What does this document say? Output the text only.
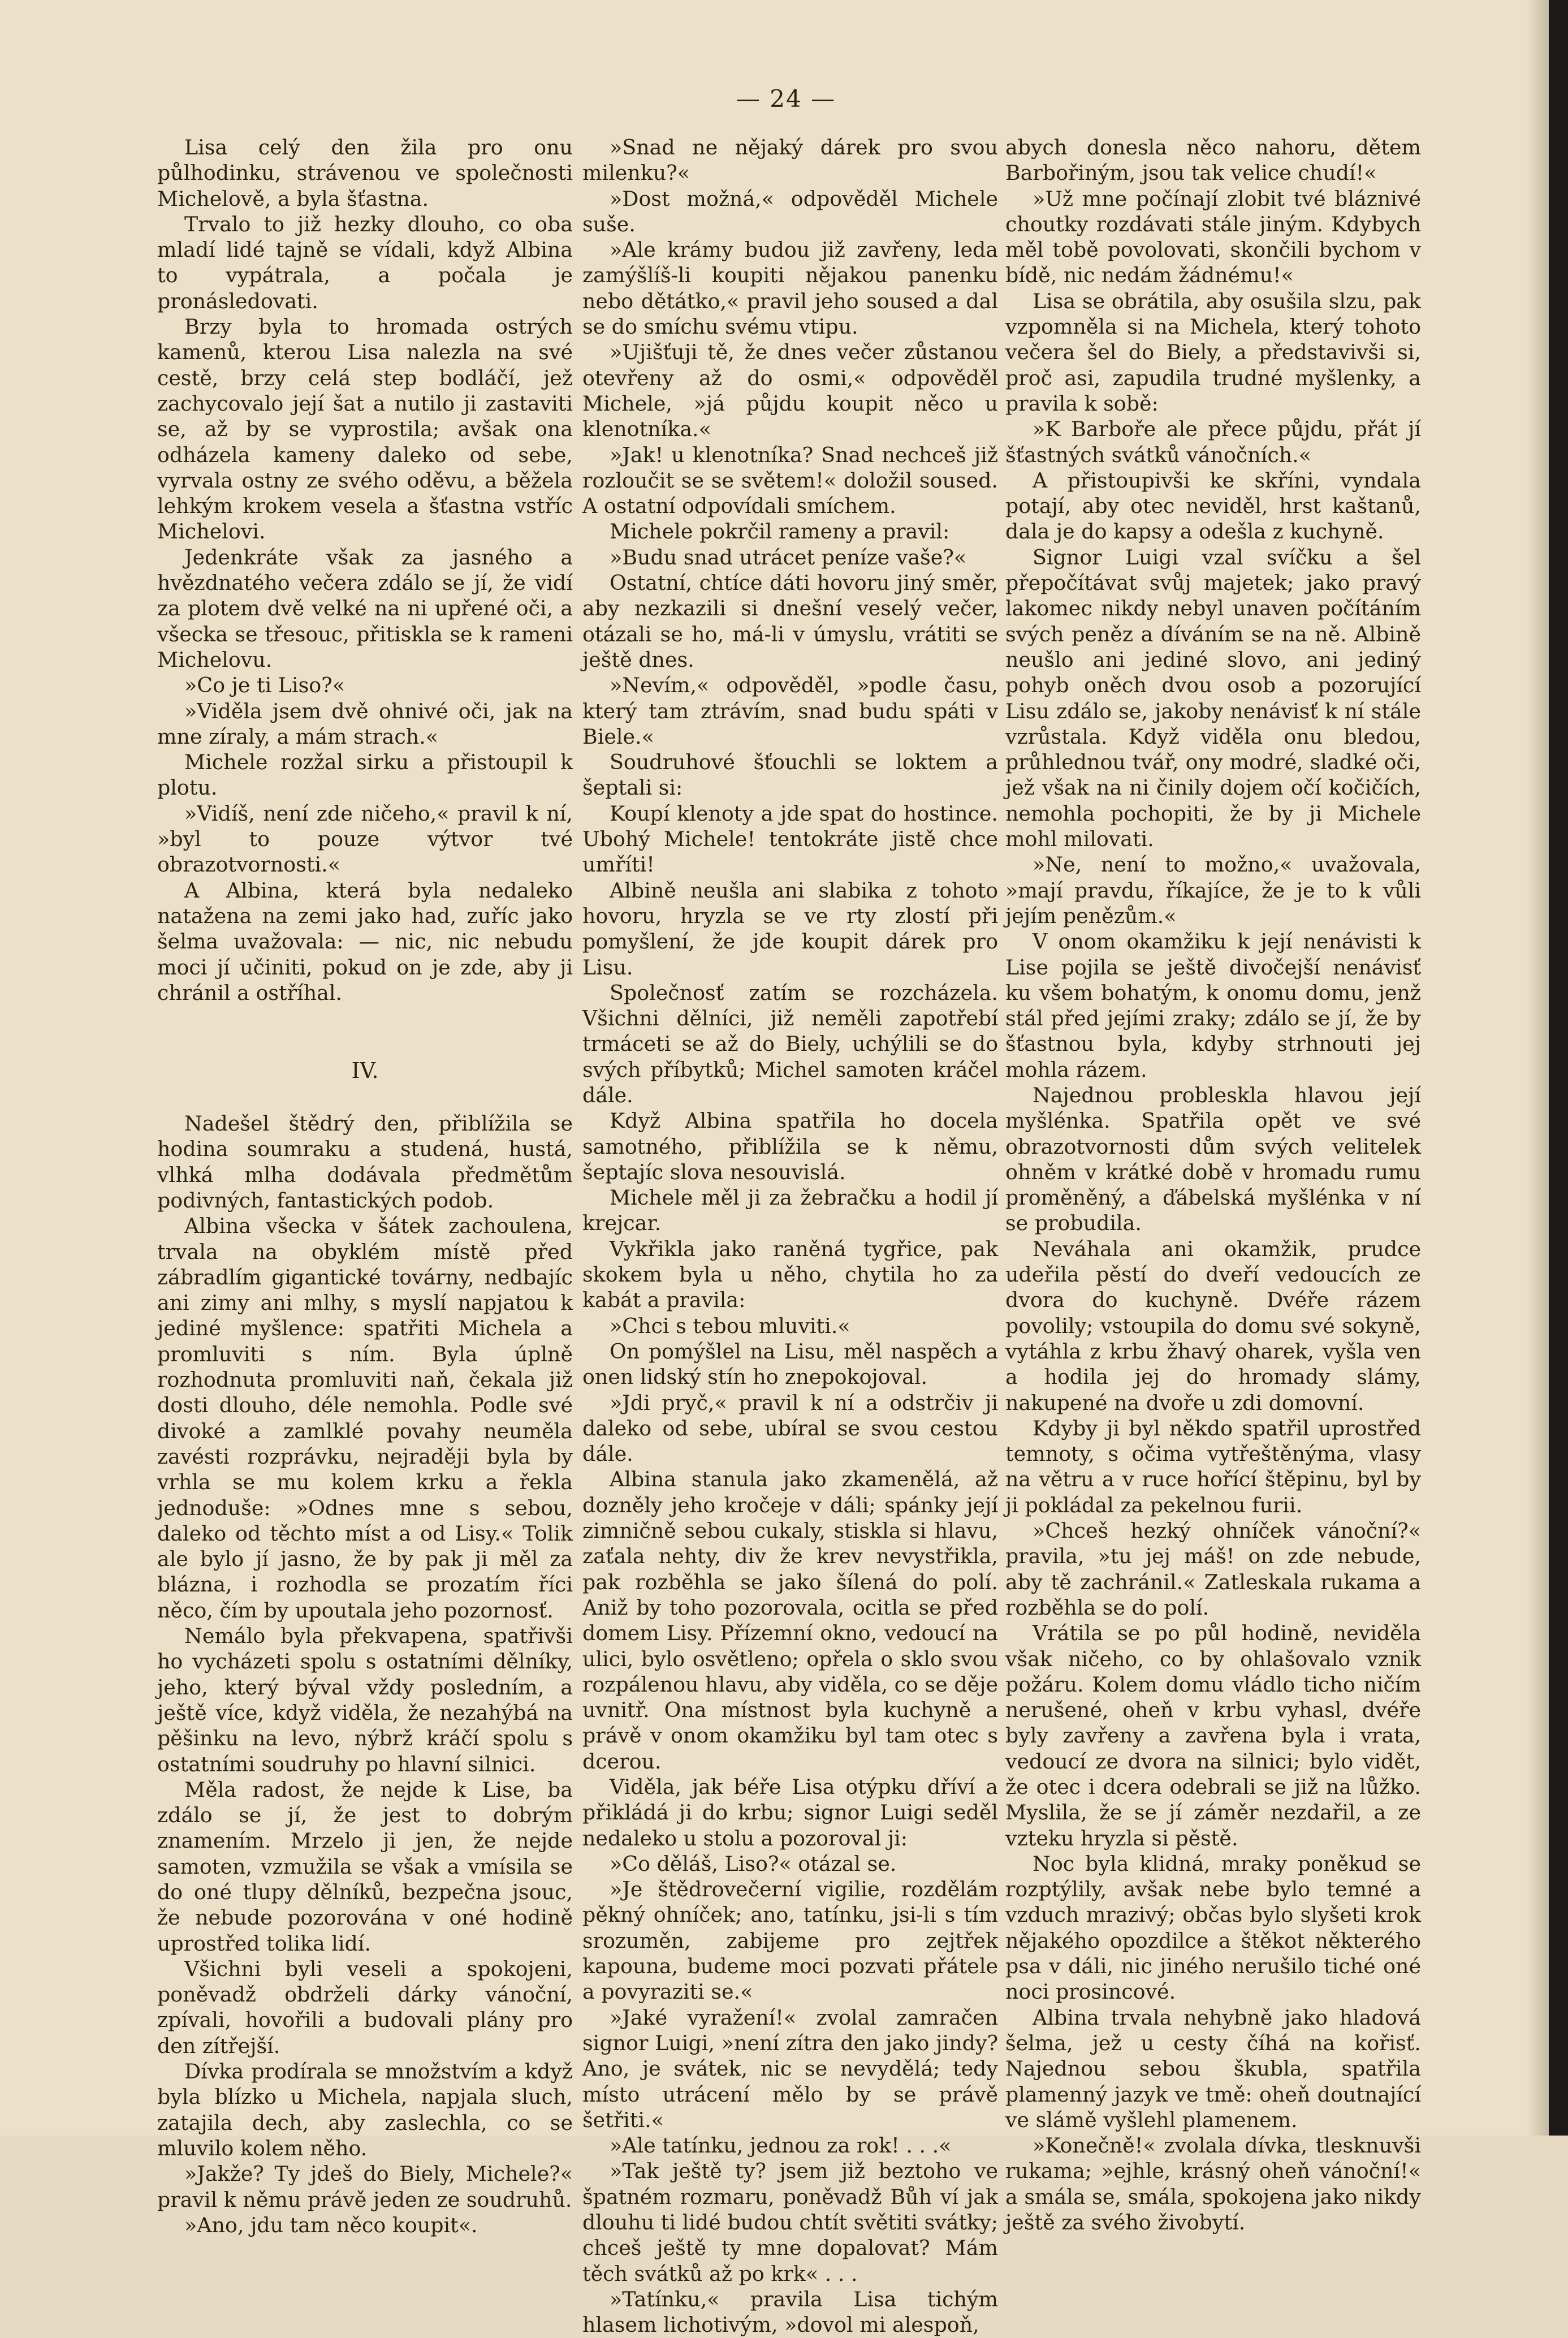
— 24 —

Lisa celý den žila pro onu půlhodinku, strávenou ve společnosti Michelově, a byla šťastna.

Trvalo to již hezky dlouho, co oba mladí lidé tajně se vídali, když Albina to vypátrala, a počala je pronásledovati.

Brzy byla to hromada ostrých kamenů, kterou Lisa nalezla na své cestě, brzy celá step bodláčí, jež zachycovalo její šat a nutilo ji zastaviti se, až by se vyprostila; avšak ona odházela kameny daleko od sebe, vyrvala ostny ze svého oděvu, a běžela lehkým krokem vesela a šťastna vstříc Michelovi.

Jedenkráte však za jasného a hvězdnatého večera zdálo se jí, že vidí za plotem dvě velké na ni upřené oči, a všecka se třesouc, přitiskla se k rameni Michelovu.

»Co je ti Liso?«

»Viděla jsem dvě ohnivé oči, jak na mne zíraly, a mám strach.«

Michele rozžal sirku a přistoupil k plotu.

»Vidíš, není zde ničeho,« pravil k ní, »byl to pouze výtvor tvé obrazotvornosti.«

A Albina, která byla nedaleko natažena na zemi jako had, zuříc jako šelma uvažovala: — nic, nic nebudu moci jí učiniti, pokud on je zde, aby ji chránil a ostříhal.

IV.

Nadešel štědrý den, přiblížila se hodina soumraku a studená, hustá, vlhká mlha dodávala předmětům podivných, fantastických podob.

Albina všecka v šátek zachoulena, trvala na obyklém místě před zábradlím gigantické továrny, nedbajíc ani zimy ani mlhy, s myslí napjatou k jediné myšlence: spatřiti Michela a promluviti s ním. Byla úplně rozhodnuta promluviti naň, čekala již dosti dlouho, déle nemohla. Podle své divoké a zamlklé povahy neuměla zavésti rozprávku, nejraději byla by vrhla se mu kolem krku a řekla jednoduše: »Odnes mne s sebou, daleko od těchto míst a od Lisy.« Tolik ale bylo jí jasno, že by pak ji měl za blázna, i rozhodla se prozatím říci něco, čím by upoutala jeho pozornosť.

Nemálo byla překvapena, spatřivši ho vycházeti spolu s ostatními dělníky, jeho, který býval vždy posledním, a ještě více, když viděla, že nezahýbá na pěšinku na levo, nýbrž kráčí spolu s ostatními soudruhy po hlavní silnici.

Měla radost, že nejde k Lise, ba zdálo se jí, že jest to dobrým znamením. Mrzelo ji jen, že nejde samoten, vzmužila se však a vmísila se do oné tlupy dělníků, bezpečna jsouc, že nebude pozorována v oné hodině uprostřed tolika lidí.

Všichni byli veseli a spokojeni, poněvadž obdrželi dárky vánoční, zpívali, hovořili a budovali plány pro den zítřejší.

Dívka prodírala se množstvím a když byla blízko u Michela, napjala sluch, zatajila dech, aby zaslechla, co se mluvilo kolem něho.

»Jakže? Ty jdeš do Biely, Michele?« pravil k němu právě jeden ze soudruhů.

»Ano, jdu tam něco koupit«.

»Snad ne nějaký dárek pro svou milenku?«

»Dost možná,« odpověděl Michele suše.

»Ale krámy budou již zavřeny, leda zamýšlíš-li koupiti nějakou panenku nebo dětátko,« pravil jeho soused a dal se do smíchu svému vtipu.

»Ujišťuji tě, že dnes večer zůstanou otevřeny až do osmi,« odpověděl Michele, »já půjdu koupit něco u klenotníka.«

»Jak! u klenotníka? Snad nechceš již rozloučit se se světem!« doložil soused. A ostatní odpovídali smíchem.

Michele pokrčil rameny a pravil:

»Budu snad utrácet peníze vaše?«

Ostatní, chtíce dáti hovoru jiný směr, aby nezkazili si dnešní veselý večer, otázali se ho, má-li v úmyslu, vrátiti se ještě dnes.

»Nevím,« odpověděl, »podle času, který tam ztrávím, snad budu spáti v Biele.«

Soudruhové šťouchli se loktem a šeptali si:

Koupí klenoty a jde spat do hostince. Ubohý Michele! tentokráte jistě chce umříti!

Albině neušla ani slabika z tohoto hovoru, hryzla se ve rty zlostí při pomyšlení, že jde koupit dárek pro Lisu.

Společnosť zatím se rozcházela. Všichni dělníci, již neměli zapotřebí trmáceti se až do Biely, uchýlili se do svých příbytků; Michel samoten kráčel dále.

Když Albina spatřila ho docela samotného, přiblížila se k němu, šeptajíc slova nesouvislá.

Michele měl ji za žebračku a hodil jí krejcar.

Vykřikla jako raněná tygřice, pak skokem byla u něho, chytila ho za kabát a pravila:

»Chci s tebou mluviti.«

On pomýšlel na Lisu, měl naspěch a onen lidský stín ho znepokojoval.

»Jdi pryč,« pravil k ní a odstrčiv ji daleko od sebe, ubíral se svou cestou dále.

Albina stanula jako zkamenělá, až dozněly jeho kročeje v dáli; spánky její zimničně sebou cukaly, stiskla si hlavu, zaťala nehty, div že krev nevystřikla, pak rozběhla se jako šílená do polí. Aniž by toho pozorovala, ocitla se před domem Lisy. Přízemní okno, vedoucí na ulici, bylo osvětleno; opřela o sklo svou rozpálenou hlavu, aby viděla, co se děje uvnitř. Ona místnost byla kuchyně a právě v onom okamžiku byl tam otec s dcerou.

Viděla, jak béře Lisa otýpku dříví a přikládá ji do krbu; signor Luigi seděl nedaleko u stolu a pozoroval ji:

»Co děláš, Liso?« otázal se.

»Je štědrovečerní vigilie, rozdělám pěkný ohníček; ano, tatínku, jsi-li s tím srozuměn, zabijeme pro zejtřek kapouna, budeme moci pozvati přátele a povyraziti se.«

»Jaké vyražení!« zvolal zamračen signor Luigi, »není zítra den jako jindy? Ano, je svátek, nic se nevydělá; tedy místo utrácení mělo by se právě šetřiti.«

»Ale tatínku, jednou za rok! . . .«

»Tak ještě ty? jsem již beztoho ve špatném rozmaru, poněvadž Bůh ví jak dlouhu ti lidé budou chtít světiti svátky; chceš ještě ty mne dopalovat? Mám těch svátků až po krk« . . .

»Tatínku,« pravila Lisa tichým hlasem lichotivým, »dovol mi alespoň,

abych donesla něco nahoru, dětem Barbořiným, jsou tak velice chudí!«

»Už mne počínají zlobit tvé bláznivé choutky rozdávati stále jiným. Kdybych měl tobě povolovati, skončili bychom v bídě, nic nedám žádnému!«

Lisa se obrátila, aby osušila slzu, pak vzpomněla si na Michela, který tohoto večera šel do Biely, a představivši si, proč asi, zapudila trudné myšlenky, a pravila k sobě:

»K Barboře ale přece půjdu, přát jí šťastných svátků vánočních.«

A přistoupivši ke skříni, vyndala potají, aby otec neviděl, hrst kaštanů, dala je do kapsy a odešla z kuchyně.

Signor Luigi vzal svíčku a šel přepočítávat svůj majetek; jako pravý lakomec nikdy nebyl unaven počítáním svých peněz a díváním se na ně. Albině neušlo ani jediné slovo, ani jediný pohyb oněch dvou osob a pozorující Lisu zdálo se, jakoby nenávisť k ní stále vzrůstala. Když viděla onu bledou, průhlednou tvář, ony modré, sladké oči, jež však na ni činily dojem očí kočičích, nemohla pochopiti, že by ji Michele mohl milovati.

»Ne, není to možno,« uvažovala, »mají pravdu, říkajíce, že je to k vůli jejím penězům.«

V onom okamžiku k její nenávisti k Lise pojila se ještě divočejší nenávisť ku všem bohatým, k onomu domu, jenž stál před jejími zraky; zdálo se jí, že by šťastnou byla, kdyby strhnouti jej mohla rázem.

Najednou probleskla hlavou její myšlénka. Spatřila opět ve své obrazotvornosti dům svých velitelek ohněm v krátké době v hromadu rumu proměněný, a ďábelská myšlénka v ní se probudila.

Neváhala ani okamžik, prudce udeřila pěstí do dveří vedoucích ze dvora do kuchyně. Dvéře rázem povolily; vstoupila do domu své sokyně, vytáhla z krbu žhavý oharek, vyšla ven a hodila jej do hromady slámy, nakupené na dvoře u zdi domovní.

Kdyby ji byl někdo spatřil uprostřed temnoty, s očima vytřeštěnýma, vlasy na větru a v ruce hořící štěpinu, byl by ji pokládal za pekelnou furii.

»Chceš hezký ohníček vánoční?« pravila, »tu jej máš! on zde nebude, aby tě zachránil.« Zatleskala rukama a rozběhla se do polí.

Vrátila se po půl hodině, neviděla však ničeho, co by ohlašovalo vznik požáru. Kolem domu vládlo ticho ničím nerušené, oheň v krbu vyhasl, dvéře byly zavřeny a zavřena byla i vrata, vedoucí ze dvora na silnici; bylo vidět, že otec i dcera odebrali se již na lůžko. Myslila, že se jí záměr nezdařil, a ze vzteku hryzla si pěstě.

Noc byla klidná, mraky poněkud se rozptýlily, avšak nebe bylo temné a vzduch mrazivý; občas bylo slyšeti krok nějakého opozdilce a štěkot některého psa v dáli, nic jiného nerušilo tiché oné noci prosincové.

Albina trvala nehybně jako hladová šelma, jež u cesty číhá na kořisť. Najednou sebou škubla, spatřila plamenný jazyk ve tmě: oheň doutnající ve slámě vyšlehl plamenem.

»Konečně!« zvolala dívka, tlesknuvši rukama; »ejhle, krásný oheň vánoční!« a smála se, smála, spokojena jako nikdy ještě za svého živobytí.
